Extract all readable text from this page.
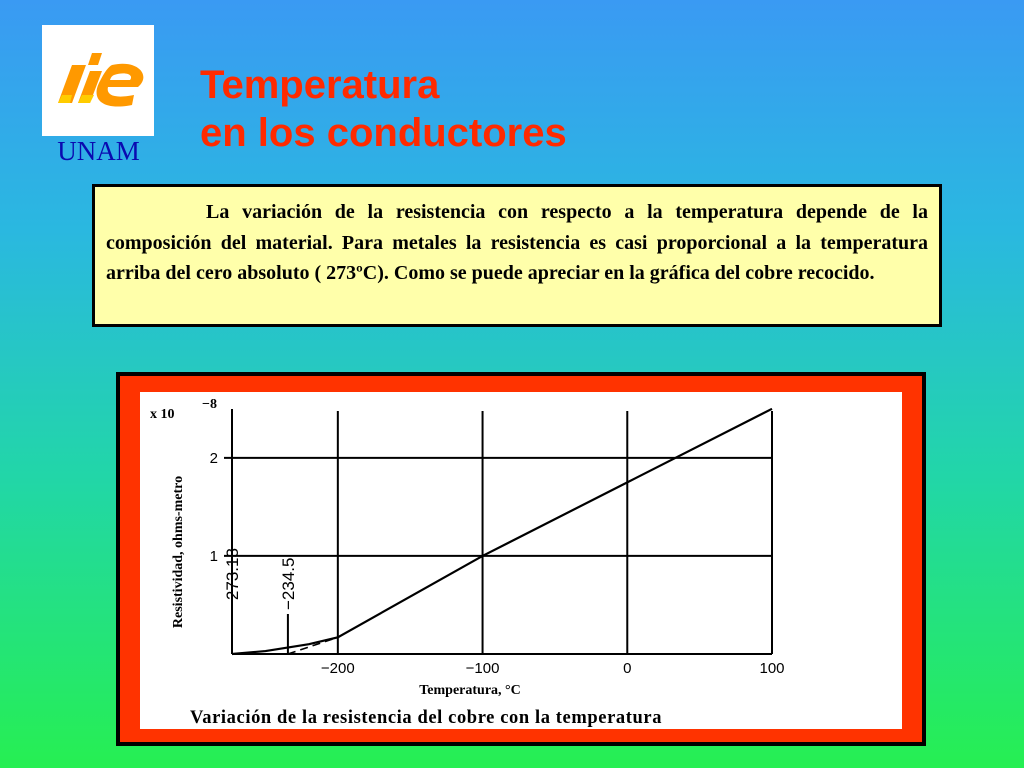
UNAM
Temperatura
en los conductores

La variación de la resistencia con respecto a la temperatura depende de la composición del material. Para metales la resistencia es casi proporcional a la temperatura arriba del cero absoluto ( 273ºC). Como se puede apreciar en la gráfica del cobre recocido.

x 10
−8
Resistividad, ohms-metro
−200	−100	0	100
1
2
−273.13 −234.5
Temperatura, °C
Variación de la resistencia del cobre con la temperatura
